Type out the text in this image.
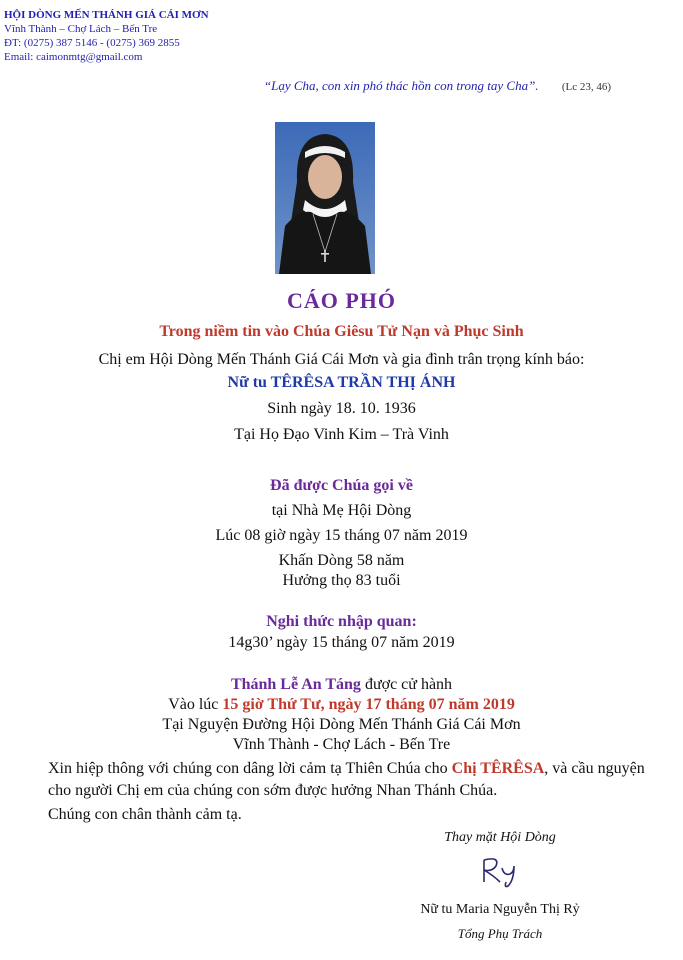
HỘI DÒNG MẾN THÁNH GIÁ CÁI MƠN
Vĩnh Thành – Chợ Lách – Bến Tre
ĐT: (0275) 387 5146 - (0275) 369 2855
Email: caimonmtg@gmail.com
“Lạy Cha, con xin phó thác hồn con trong tay Cha”. (Lc 23, 46)
CÁO PHÓ
Trong niềm tin vào Chúa Giêsu Tử Nạn và Phục Sinh
Chị em Hội Dòng Mến Thánh Giá Cái Mơn và gia đình trân trọng kính báo:
Nữ tu TÊRÊSA TRẦN THỊ ÁNH
Sinh ngày 18. 10. 1936
Tại Họ Đạo Vinh Kim – Trà Vinh
Đã được Chúa gọi về
tại Nhà Mẹ Hội Dòng
Lúc 08 giờ ngày 15 tháng 07 năm 2019
Khấn Dòng 58 năm
Hưởng thọ 83 tuổi
Nghi thức nhập quan:
14g30’ ngày 15 tháng 07 năm 2019
Thánh Lễ An Táng được cử hành
Vào lúc 15 giờ Thứ Tư, ngày 17 tháng 07 năm 2019
Tại Nguyện Đường Hội Dòng Mến Thánh Giá Cái Mơn
Vĩnh Thành - Chợ Lách - Bến Tre
Xin hiệp thông với chúng con dâng lời cảm tạ Thiên Chúa cho Chị TÊRÊSA, và cầu nguyện cho người Chị em của chúng con sớm được hưởng Nhan Thánh Chúa.
Chúng con chân thành cảm tạ.
Thay mặt Hội Dòng
Nữ tu Maria Nguyễn Thị Rỷ
Tổng Phụ Trách
